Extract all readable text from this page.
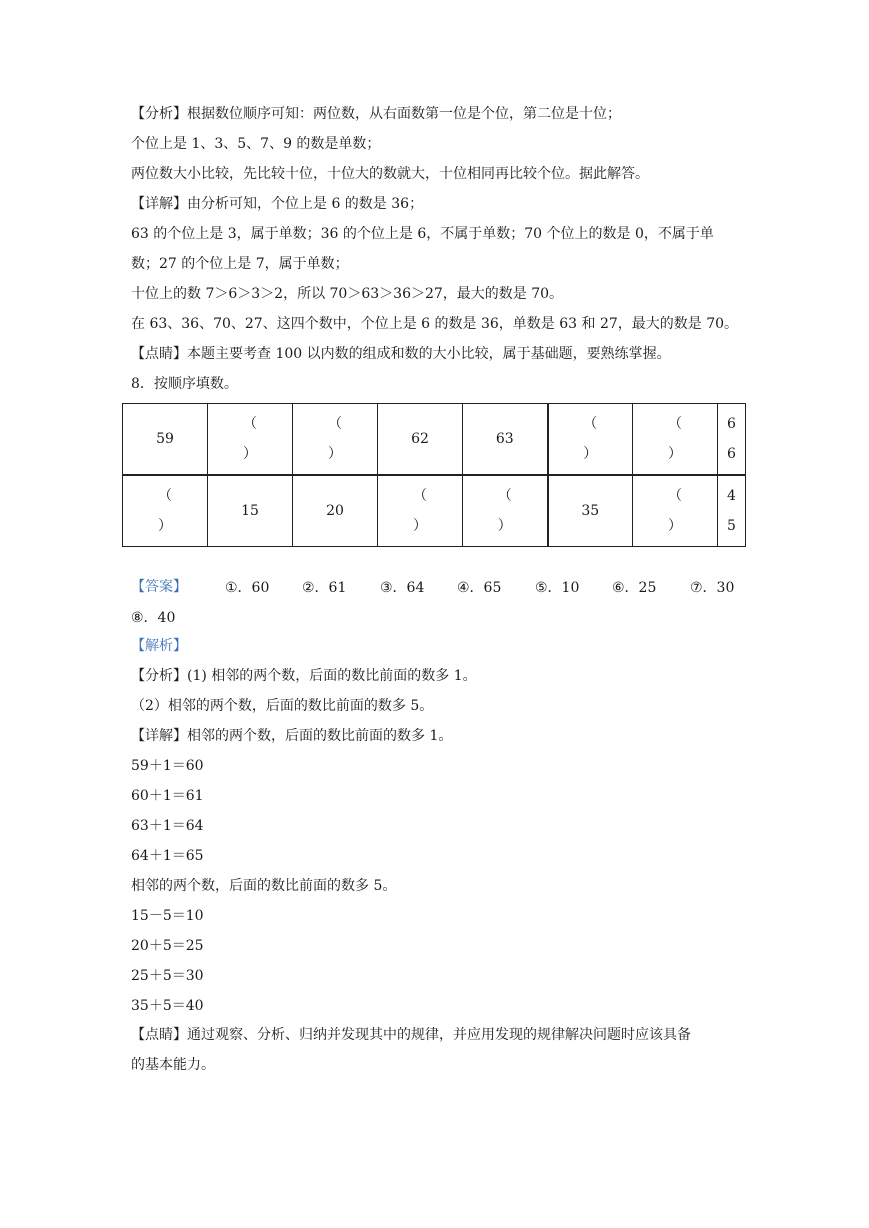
【分析】根据数位顺序可知：两位数，从右面数第一位是个位，第二位是十位；
个位上是 1、3、5、7、9 的数是单数；
两位数大小比较，先比较十位，十位大的数就大，十位相同再比较个位。据此解答。
【详解】由分析可知，个位上是 6 的数是 36；
63 的个位上是 3，属于单数；36 的个位上是 6，不属于单数；70 个位上的数是 0，不属于单
数；27 的个位上是 7，属于单数；
十位上的数 7＞6＞3＞2，所以 70＞63＞36＞27，最大的数是 70。
在 63、36、70、27、这四个数中，个位上是 6 的数是 36，单数是 63 和 27，最大的数是 70。
【点睛】本题主要考查 100 以内数的组成和数的大小比较，属于基础题，要熟练掌握。
8．按顺序填数。
59	（
）	（
）	62	63	（
）	（
）	6
6

（
）	15	20	（
）	（
）	35	（
）	4
5
【答案】	①．60 ②．61 ③．64 ④．65 ⑤．10 ⑥．25 ⑦．30
⑧．40
【解析】
【分析】(1) 相邻的两个数，后面的数比前面的数多 1。
（2）相邻的两个数，后面的数比前面的数多 5。
【详解】相邻的两个数，后面的数比前面的数多 1。
59＋1＝60
60＋1＝61
63＋1＝64
64＋1＝65
相邻的两个数，后面的数比前面的数多 5。
15－5＝10
20＋5＝25
25＋5＝30
35＋5＝40
【点睛】通过观察、分析、归纳并发现其中的规律，并应用发现的规律解决问题时应该具备
的基本能力。
